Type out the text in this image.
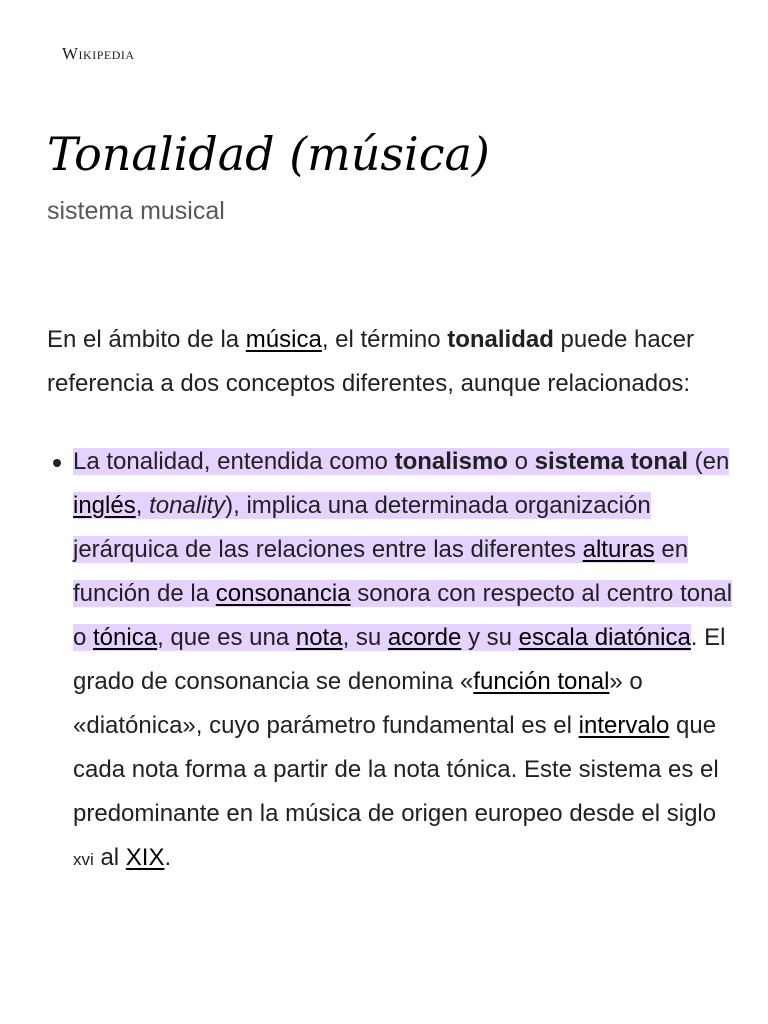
Wikipedia
Tonalidad (música)
sistema musical

En el ámbito de la música, el término tonalidad puede hacer referencia a dos conceptos diferentes, aunque relacionados:

La tonalidad, entendida como tonalismo o sistema tonal (en inglés, tonality), implica una determinada organización jerárquica de las relaciones entre las diferentes alturas en función de la consonancia sonora con respecto al centro tonal o tónica, que es una nota, su acorde y su escala diatónica. El grado de consonancia se denomina «función tonal» o «diatónica», cuyo parámetro fundamental es el intervalo que cada nota forma a partir de la nota tónica. Este sistema es el predominante en la música de origen europeo desde el siglo xvi al XIX.
